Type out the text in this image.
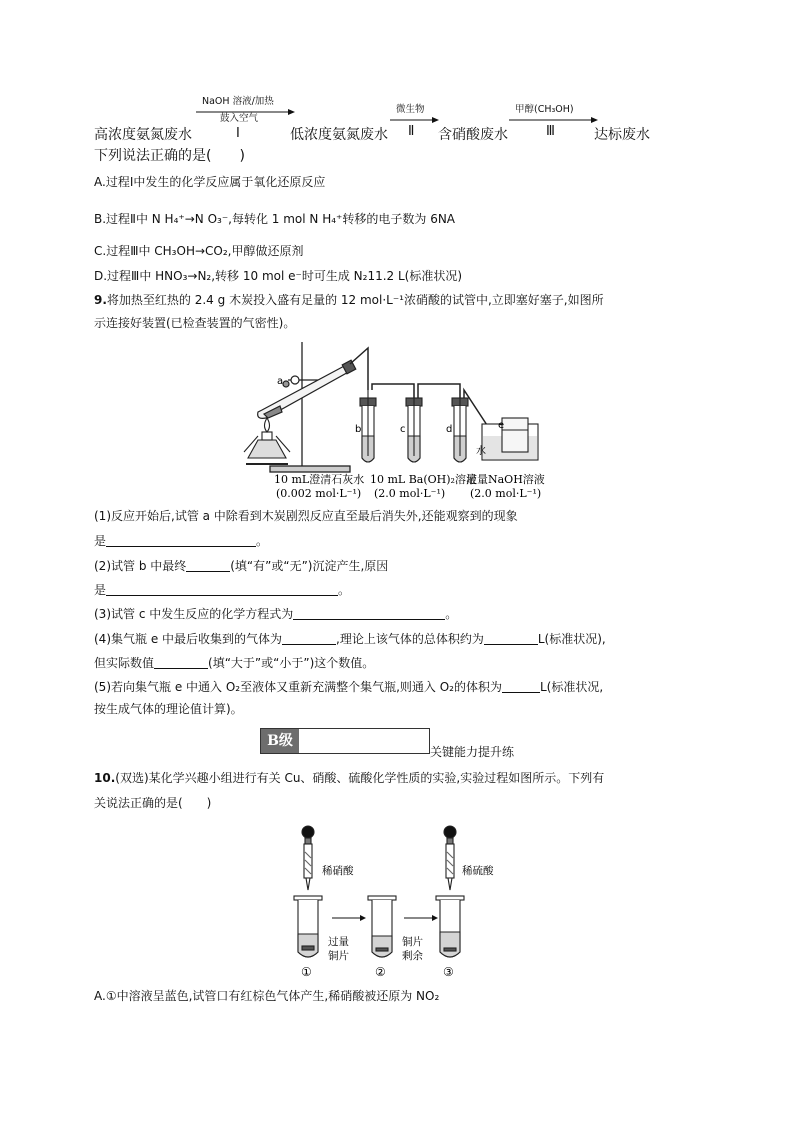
NaOH 溶液/加热
鼓入空气
Ⅰ
微生物
Ⅱ
甲醇(CH₃OH)
Ⅲ
高浓度氨氮废水	低浓度氨氮废水	含硝酸废水	达标废水
下列说法正确的是(　　)
A.过程Ⅰ中发生的化学反应属于氧化还原反应
B.过程Ⅱ中 N H₄⁺→N O₃⁻,每转化 1 mol N H₄⁺转移的电子数为 6NA
C.过程Ⅲ中 CH₃OH→CO₂,甲醇做还原剂
D.过程Ⅲ中 HNO₃→N₂,转移 10 mol e⁻时可生成 N₂11.2 L(标准状况)
9.将加热至红热的 2.4 g 木炭投入盛有足量的 12 mol·L⁻¹浓硝酸的试管中,立即塞好塞子,如图所
示连接好装置(已检查装置的气密性)。
a
b	c	d	e
水
10 mL澄清石灰水
(0.002 mol·L⁻¹)
10 mL Ba(OH)₂溶液
(2.0 mol·L⁻¹)
足量NaOH溶液
(2.0 mol·L⁻¹)
(1)反应开始后,试管 a 中除看到木炭剧烈反应直至最后消失外,还能观察到的现象
是	。
(2)试管 b 中最终	(填“有”或“无”)沉淀产生,原因
是	。
(3)试管 c 中发生反应的化学方程式为	。
(4)集气瓶 e 中最后收集到的气体为	,理论上该气体的总体积约为	L(标准状况),
但实际数值	(填“大于”或“小于”)这个数值。
(5)若向集气瓶 e 中通入 O₂至液体又重新充满整个集气瓶,则通入 O₂的体积为	L(标准状况,
按生成气体的理论值计算)。
B级
关键能力提升练
10.(双选)某化学兴趣小组进行有关 Cu、硝酸、硫酸化学性质的实验,实验过程如图所示。下列有
关说法正确的是(　　)
稀硝酸
过量
铜片
①
铜片
剩余
②
稀硫酸
③
A.①中溶液呈蓝色,试管口有红棕色气体产生,稀硝酸被还原为 NO₂
